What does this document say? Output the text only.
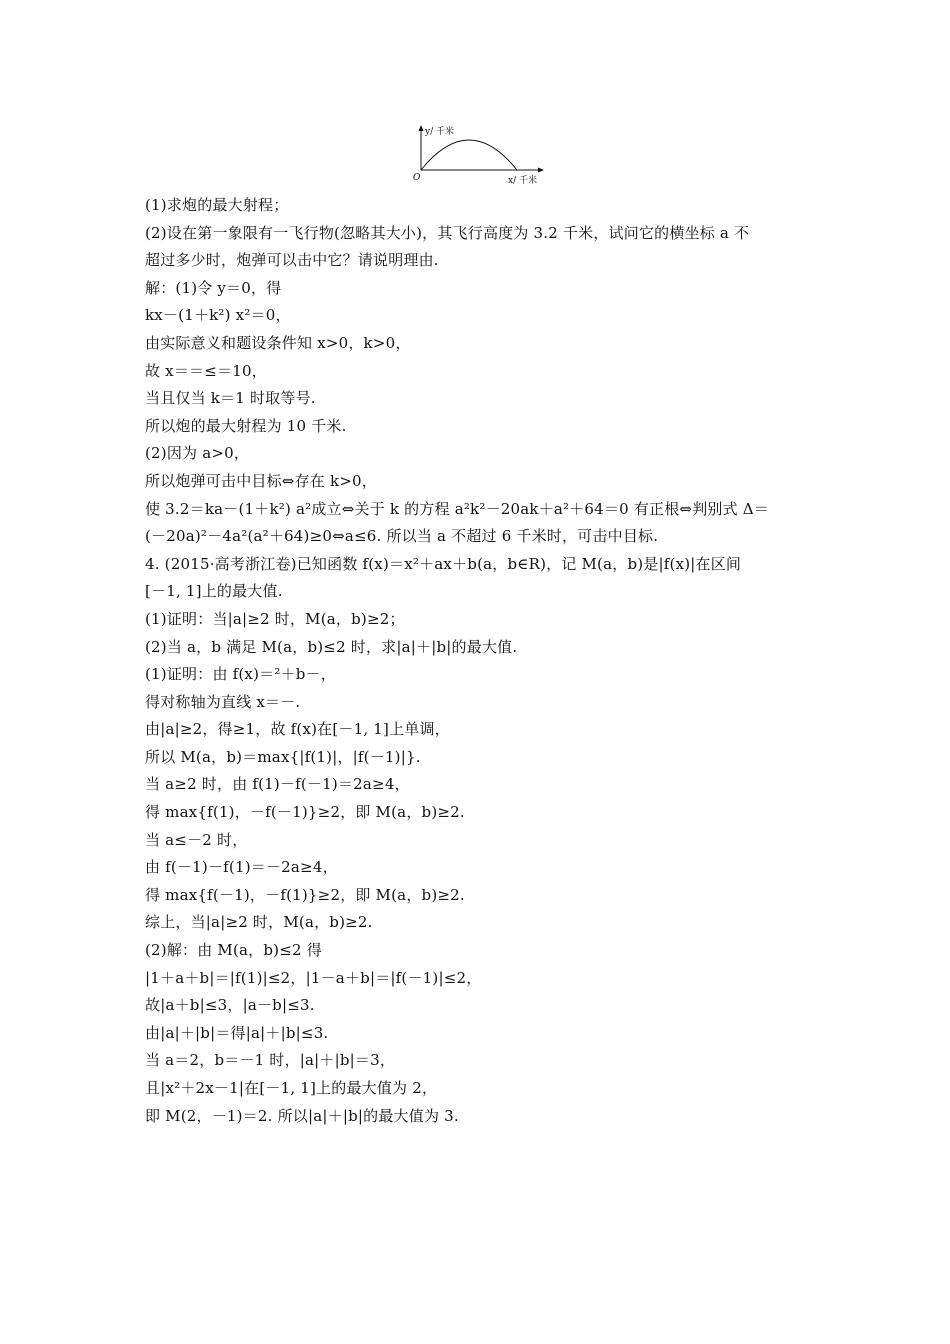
y/ 千米
O	x/ 千米
(1)求炮的最大射程；
(2)设在第一象限有一飞行物(忽略其大小)，其飞行高度为 3.2 千米，试问它的横坐标 a 不
超过多少时，炮弹可以击中它？请说明理由.
解：(1)令 y＝0，得
kx－(1＋k²) x²＝0，
由实际意义和题设条件知 x>0，k>0，
故 x＝＝≤＝10，
当且仅当 k＝1 时取等号.
所以炮的最大射程为 10 千米.
(2)因为 a>0，
所以炮弹可击中目标⇔存在 k>0，
使 3.2＝ka－(1＋k²) a²成立⇔关于 k 的方程 a²k²－20ak＋a²＋64＝0 有正根⇔判别式 Δ＝
(－20a)²－4a²(a²＋64)≥0⇔a≤6. 所以当 a 不超过 6 千米时，可击中目标.
4. (2015·高考浙江卷)已知函数 f(x)＝x²＋ax＋b(a，b∈R)，记 M(a，b)是|f(x)|在区间
[－1, 1]上的最大值.
(1)证明：当|a|≥2 时，M(a，b)≥2；
(2)当 a，b 满足 M(a，b)≤2 时，求|a|＋|b|的最大值.
(1)证明：由 f(x)＝²＋b－，
得对称轴为直线 x＝－.
由|a|≥2，得≥1，故 f(x)在[－1, 1]上单调，
所以 M(a，b)＝max{|f(1)|，|f(－1)|}.
当 a≥2 时，由 f(1)－f(－1)＝2a≥4，
得 max{f(1)，－f(－1)}≥2，即 M(a，b)≥2.
当 a≤－2 时，
由 f(－1)－f(1)＝－2a≥4，
得 max{f(－1)，－f(1)}≥2，即 M(a，b)≥2.
综上，当|a|≥2 时，M(a，b)≥2.
(2)解：由 M(a，b)≤2 得
|1＋a＋b|＝|f(1)|≤2，|1－a＋b|＝|f(－1)|≤2，
故|a＋b|≤3，|a－b|≤3.
由|a|＋|b|＝得|a|＋|b|≤3.
当 a＝2，b＝－1 时，|a|＋|b|＝3，
且|x²＋2x－1|在[－1, 1]上的最大值为 2，
即 M(2，－1)＝2. 所以|a|＋|b|的最大值为 3.
